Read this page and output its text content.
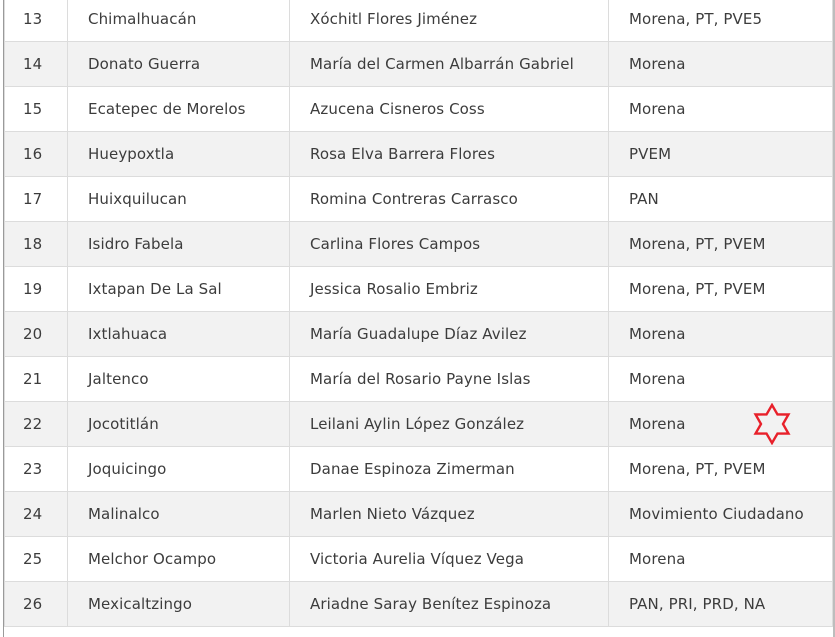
13	Chimalhuacán	Xóchitl Flores Jiménez	Morena, PT, PVE5
14	Donato Guerra	María del Carmen Albarrán Gabriel	Morena
15	Ecatepec de Morelos	Azucena Cisneros Coss	Morena
16	Hueypoxtla	Rosa Elva Barrera Flores	PVEM
17	Huixquilucan	Romina Contreras Carrasco	PAN
18	Isidro Fabela	Carlina Flores Campos	Morena, PT, PVEM
19	Ixtapan De La Sal	Jessica Rosalio Embriz	Morena, PT, PVEM
20	Ixtlahuaca	María Guadalupe Díaz Avilez	Morena
21	Jaltenco	María del Rosario Payne Islas	Morena
22	Jocotitlán	Leilani Aylin López González	Morena

23	Joquicingo	Danae Espinoza Zimerman	Morena, PT, PVEM
24	Malinalco	Marlen Nieto Vázquez	Movimiento Ciudadano
25	Melchor Ocampo	Victoria Aurelia Víquez Vega	Morena
26	Mexicaltzingo	Ariadne Saray Benítez Espinoza	PAN, PRI, PRD, NA
